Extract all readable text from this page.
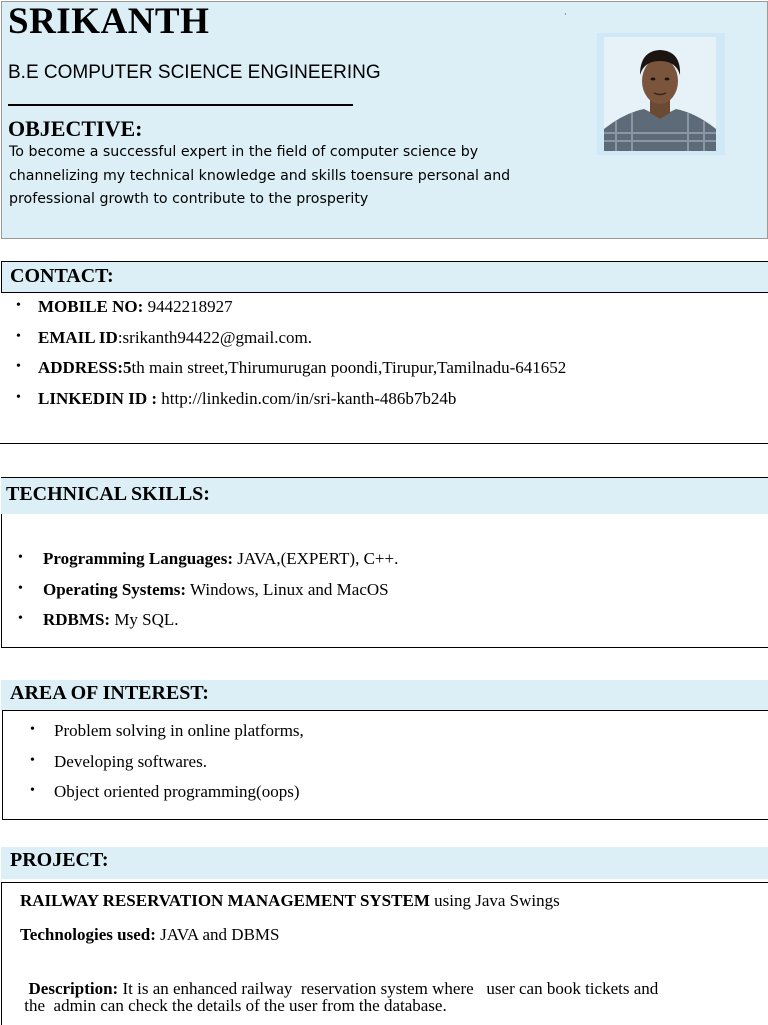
SRIKANTH
B.E COMPUTER SCIENCE ENGINEERING
OBJECTIVE:
To become a successful expert in the field of computer science by
channelizing my technical knowledge and skills toensure personal and
professional growth to contribute to the prosperity
·
CONTACT:
• MOBILE NO: 9442218927
• EMAIL ID:srikanth94422@gmail.com.
• ADDRESS:5th main street,Thirumurugan poondi,Tirupur,Tamilnadu-641652
• LINKEDIN ID : http://linkedin.com/in/sri-kanth-486b7b24b
TECHNICAL SKILLS:
• Programming Languages: JAVA,(EXPERT), C++.
• Operating Systems: Windows, Linux and MacOS
• RDBMS: My SQL.
AREA OF INTEREST:
• Problem solving in online platforms,
• Developing softwares.
• Object oriented programming(oops)
PROJECT:
RAILWAY RESERVATION MANAGEMENT SYSTEM using Java Swings
Technologies used: JAVA and DBMS

Description: It is an enhanced railway  reservation system where   user can book tickets and

the  admin can check the details of the user from the database.
